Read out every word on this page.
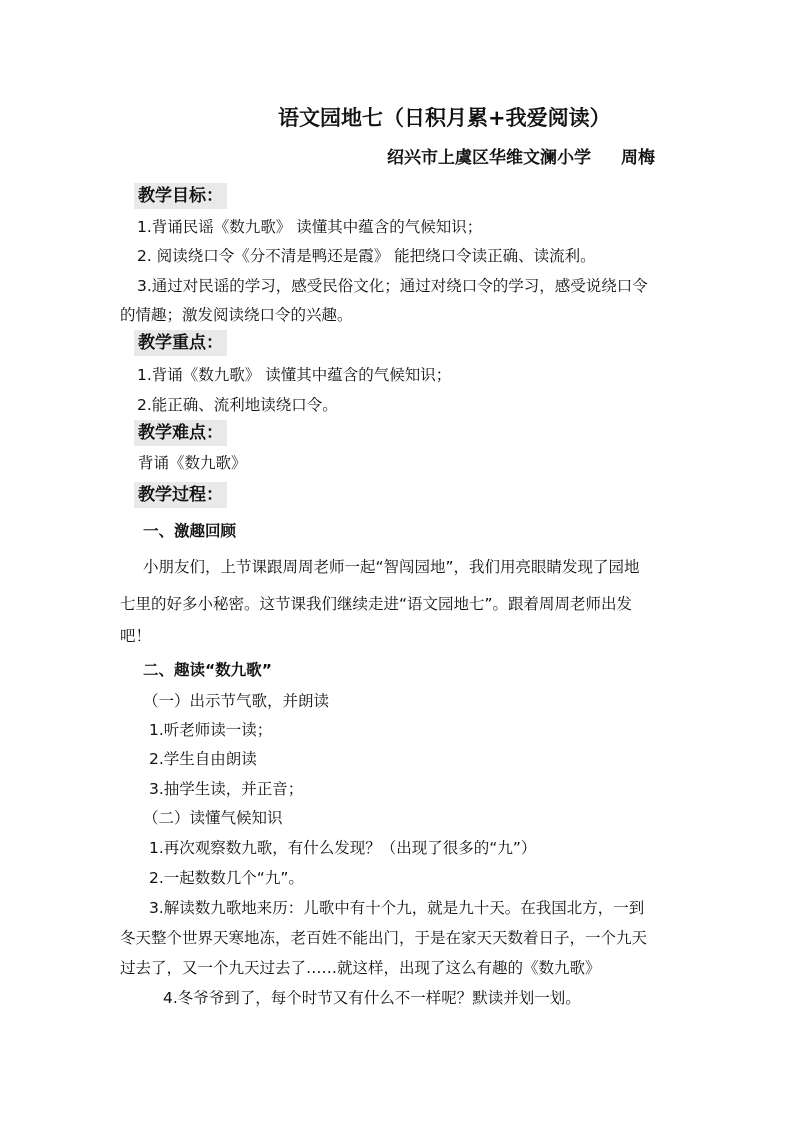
语文园地七（日积月累+我爱阅读）
绍兴市上虞区华维文澜小学 周梅
教学目标：
1.背诵民谣《数九歌》 读懂其中蕴含的气候知识；
2. 阅读绕口令《分不清是鸭还是霞》 能把绕口令读正确、读流利。
3.通过对民谣的学习，感受民俗文化；通过对绕口令的学习，感受说绕口令
的情趣；激发阅读绕口令的兴趣。
教学重点：
1.背诵《数九歌》 读懂其中蕴含的气候知识；
2.能正确、流利地读绕口令。
教学难点：
背诵《数九歌》
教学过程：
一、激趣回顾
小朋友们，上节课跟周周老师一起“智闯园地”，我们用亮眼睛发现了园地
七里的好多小秘密。这节课我们继续走进“语文园地七”。跟着周周老师出发
吧！
二、趣读“数九歌”
（一）出示节气歌，并朗读
1.听老师读一读；
2.学生自由朗读
3.抽学生读，并正音；
（二）读懂气候知识
1.再次观察数九歌，有什么发现？（出现了很多的“九”）
2.一起数数几个“九”。
3.解读数九歌地来历：儿歌中有十个九，就是九十天。在我国北方，一到
冬天整个世界天寒地冻，老百姓不能出门，于是在家天天数着日子，一个九天
过去了，又一个九天过去了……就这样，出现了这么有趣的《数九歌》
4.冬爷爷到了，每个时节又有什么不一样呢？默读并划一划。
